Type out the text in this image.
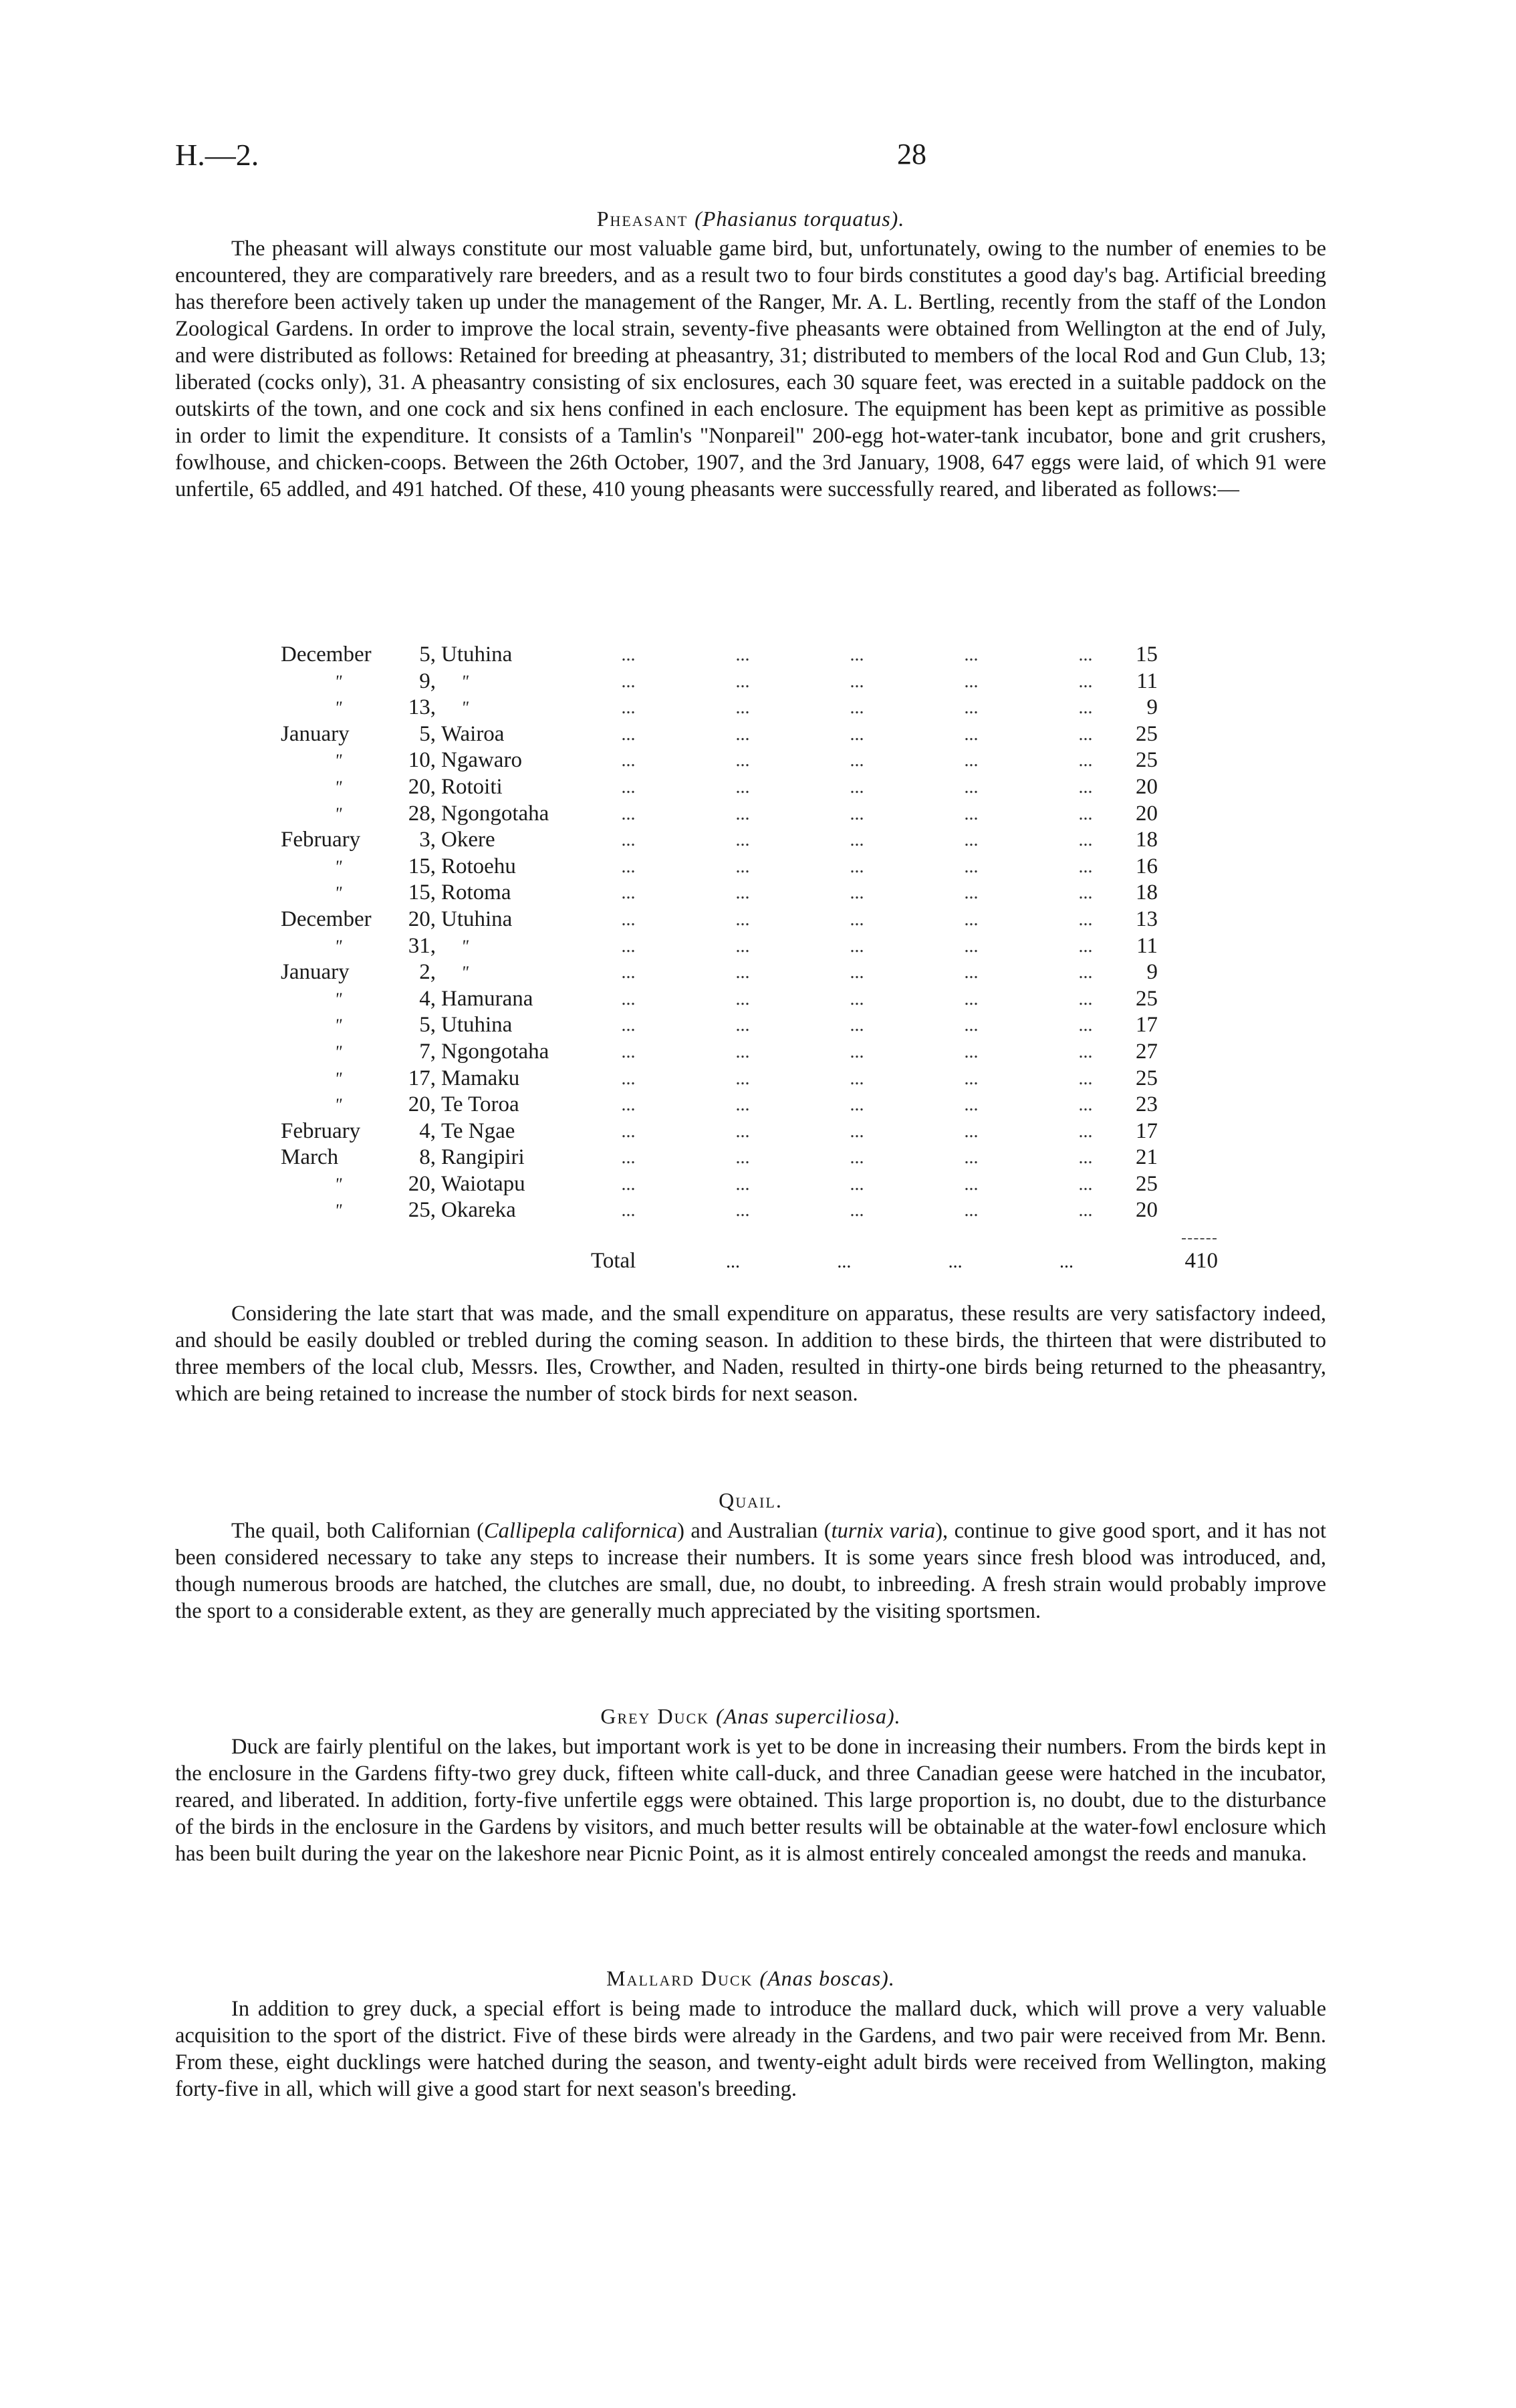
H.—2.	28

Pheasant (Phasianus torquatus).

The pheasant will always constitute our most valuable game bird, but, unfortunately, owing to the number of enemies to be encountered, they are comparatively rare breeders, and as a result two to four birds constitutes a good day's bag. Artificial breeding has therefore been actively taken up under the management of the Ranger, Mr. A. L. Bertling, recently from the staff of the London Zoological Gardens. In order to improve the local strain, seventy-five pheasants were obtained from Wellington at the end of July, and were distributed as follows: Retained for breeding at pheasantry, 31; distributed to members of the local Rod and Gun Club, 13; liberated (cocks only), 31. A pheasantry consisting of six enclosures, each 30 square feet, was erected in a suitable paddock on the outskirts of the town, and one cock and six hens confined in each enclosure. The equipment has been kept as primitive as possible in order to limit the expenditure. It consists of a Tamlin's "Nonpareil" 200-egg hot-water-tank incubator, bone and grit crushers, fowlhouse, and chicken-coops. Between the 26th October, 1907, and the 3rd January, 1908, 647 eggs were laid, of which 91 were unfertile, 65 addled, and 491 hatched. Of these, 410 young pheasants were successfully reared, and liberated as follows:—

December	5,	Utuhina	... ... ... ... ...	15
"	9,	"	... ... ... ... ...	11
"	13,	"	... ... ... ... ...	9
January	5,	Wairoa	... ... ... ... ...	25
"	10,	Ngawaro	... ... ... ... ...	25
"	20,	Rotoiti	... ... ... ... ...	20
"	28,	Ngongotaha	... ... ... ... ...	20
February	3,	Okere	... ... ... ... ...	18
"	15,	Rotoehu	... ... ... ... ...	16
"	15,	Rotoma	... ... ... ... ...	18
December	20,	Utuhina	... ... ... ... ...	13
"	31,	"	... ... ... ... ...	11
January	2,	"	... ... ... ... ...	9
"	4,	Hamurana	... ... ... ... ...	25
"	5,	Utuhina	... ... ... ... ...	17
"	7,	Ngongotaha	... ... ... ... ...	27
"	17,	Mamaku	... ... ... ... ...	25
"	20,	Te Toroa	... ... ... ... ...	23
February	4,	Te Ngae	... ... ... ... ...	17
March	8,	Rangipiri	... ... ... ... ...	21
"	20,	Waiotapu	... ... ... ... ...	25
"	25,	Okareka	... ... ... ... ...	20
Total	...	...	...	...	410

Considering the late start that was made, and the small expenditure on apparatus, these results are very satisfactory indeed, and should be easily doubled or trebled during the coming season. In addition to these birds, the thirteen that were distributed to three members of the local club, Messrs. Iles, Crowther, and Naden, resulted in thirty-one birds being returned to the pheasantry, which are being retained to increase the number of stock birds for next season.

Quail.

The quail, both Californian (Callipepla californica) and Australian (turnix varia), continue to give good sport, and it has not been considered necessary to take any steps to increase their numbers. It is some years since fresh blood was introduced, and, though numerous broods are hatched, the clutches are small, due, no doubt, to inbreeding. A fresh strain would probably improve the sport to a considerable extent, as they are generally much appreciated by the visiting sportsmen.

Grey Duck (Anas superciliosa).

Duck are fairly plentiful on the lakes, but important work is yet to be done in increasing their numbers. From the birds kept in the enclosure in the Gardens fifty-two grey duck, fifteen white call-duck, and three Canadian geese were hatched in the incubator, reared, and liberated. In addition, forty-five unfertile eggs were obtained. This large proportion is, no doubt, due to the disturbance of the birds in the enclosure in the Gardens by visitors, and much better results will be obtainable at the water-fowl enclosure which has been built during the year on the lakeshore near Picnic Point, as it is almost entirely concealed amongst the reeds and manuka.

Mallard Duck (Anas boscas).

In addition to grey duck, a special effort is being made to introduce the mallard duck, which will prove a very valuable acquisition to the sport of the district. Five of these birds were already in the Gardens, and two pair were received from Mr. Benn. From these, eight ducklings were hatched during the season, and twenty-eight adult birds were received from Wellington, making forty-five in all, which will give a good start for next season's breeding.
